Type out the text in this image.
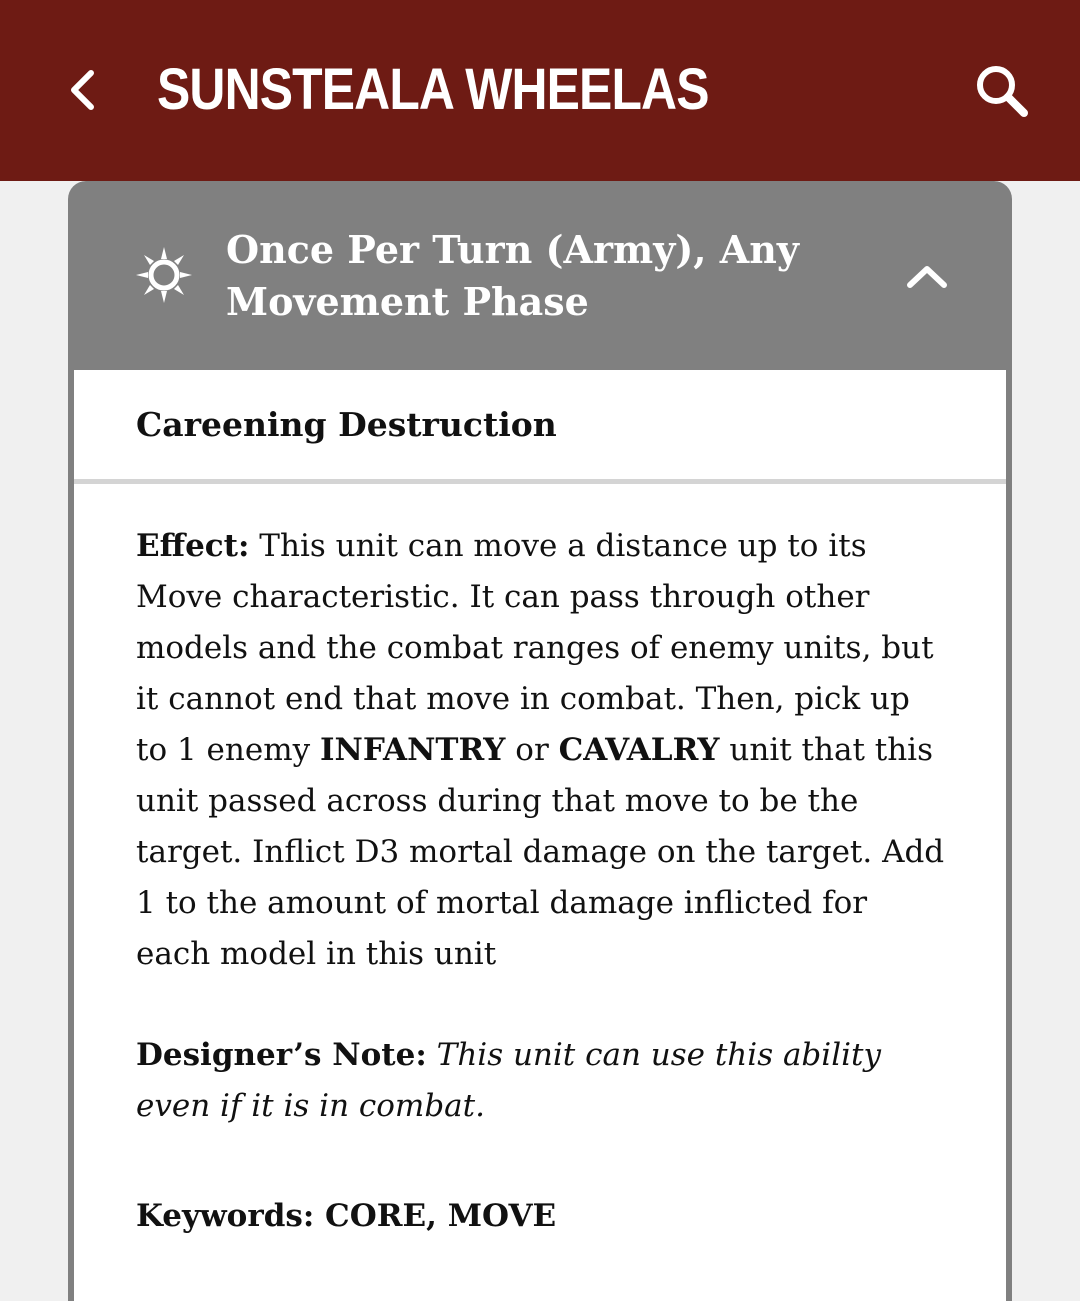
SUNSTEALA WHEELAS
Once Per Turn (Army), Any Movement Phase
Careening Destruction
Effect: This unit can move a distance up to its Move characteristic. It can pass through other models and the combat ranges of enemy units, but it cannot end that move in combat. Then, pick up to 1 enemy INFANTRY or CAVALRY unit that this unit passed across during that move to be the target. Inflict D3 mortal damage on the target. Add 1 to the amount of mortal damage inflicted for each model in this unit
Designer’s Note: This unit can use this ability even if it is in combat.
Keywords: CORE, MOVE
